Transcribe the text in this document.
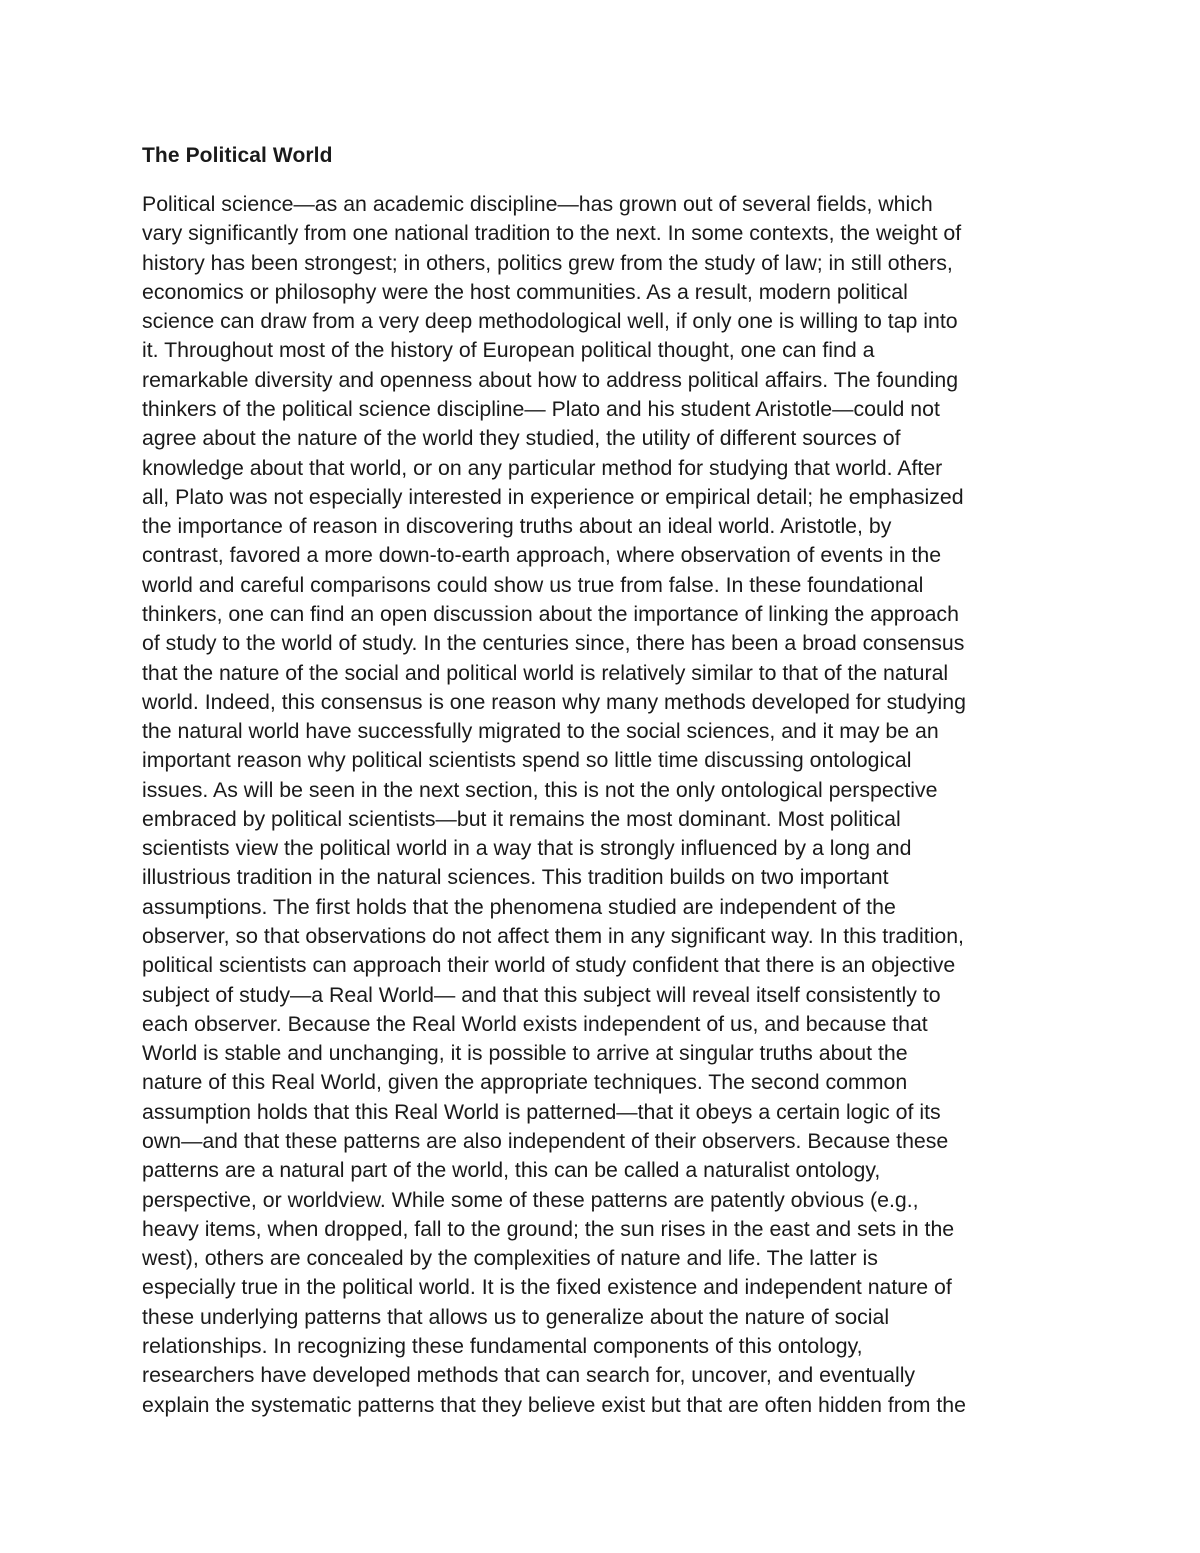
The Political World
Political science—as an academic discipline—has grown out of several fields, which
vary significantly from one national tradition to the next. In some contexts, the weight of
history has been strongest; in others, politics grew from the study of law; in still others,
economics or philosophy were the host communities. As a result, modern political
science can draw from a very deep methodological well, if only one is willing to tap into
it. Throughout most of the history of European political thought, one can find a
remarkable diversity and openness about how to address political affairs. The founding
thinkers of the political science discipline— Plato and his student Aristotle—could not
agree about the nature of the world they studied, the utility of different sources of
knowledge about that world, or on any particular method for studying that world. After
all, Plato was not especially interested in experience or empirical detail; he emphasized
the importance of reason in discovering truths about an ideal world. Aristotle, by
contrast, favored a more down-to-earth approach, where observation of events in the
world and careful comparisons could show us true from false. In these foundational
thinkers, one can find an open discussion about the importance of linking the approach
of study to the world of study. In the centuries since, there has been a broad consensus
that the nature of the social and political world is relatively similar to that of the natural
world. Indeed, this consensus is one reason why many methods developed for studying
the natural world have successfully migrated to the social sciences, and it may be an
important reason why political scientists spend so little time discussing ontological
issues. As will be seen in the next section, this is not the only ontological perspective
embraced by political scientists—but it remains the most dominant. Most political
scientists view the political world in a way that is strongly influenced by a long and
illustrious tradition in the natural sciences. This tradition builds on two important
assumptions. The first holds that the phenomena studied are independent of the
observer, so that observations do not affect them in any significant way. In this tradition,
political scientists can approach their world of study confident that there is an objective
subject of study—a Real World— and that this subject will reveal itself consistently to
each observer. Because the Real World exists independent of us, and because that
World is stable and unchanging, it is possible to arrive at singular truths about the
nature of this Real World, given the appropriate techniques. The second common
assumption holds that this Real World is patterned—that it obeys a certain logic of its
own—and that these patterns are also independent of their observers. Because these
patterns are a natural part of the world, this can be called a naturalist ontology,
perspective, or worldview. While some of these patterns are patently obvious (e.g.,
heavy items, when dropped, fall to the ground; the sun rises in the east and sets in the
west), others are concealed by the complexities of nature and life. The latter is
especially true in the political world. It is the fixed existence and independent nature of
these underlying patterns that allows us to generalize about the nature of social
relationships. In recognizing these fundamental components of this ontology,
researchers have developed methods that can search for, uncover, and eventually
explain the systematic patterns that they believe exist but that are often hidden from the
